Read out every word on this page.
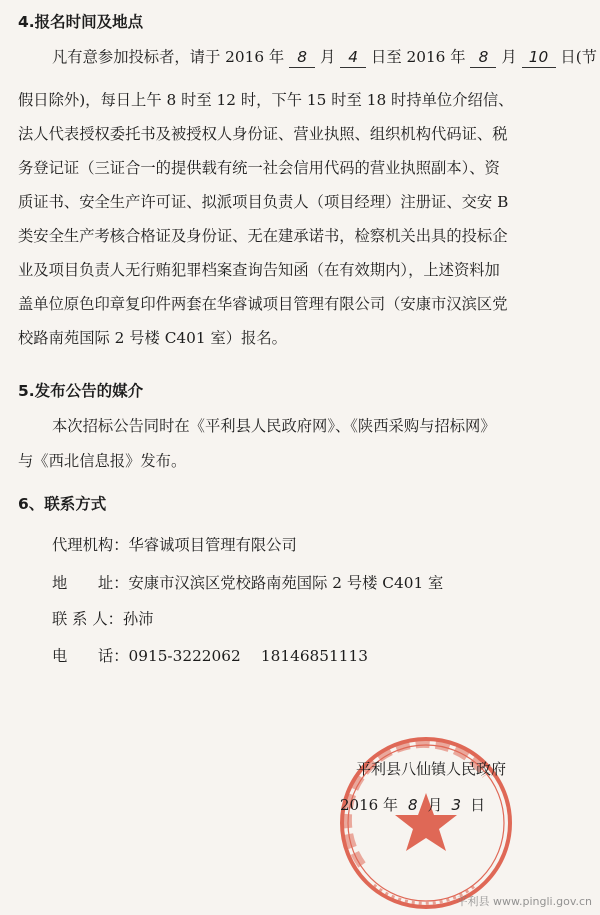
4.报名时间及地点
凡有意参加投标者，请于 2016 年 8 月 4 日至 2016 年 8 月 10 日(节
假日除外)，每日上午 8 时至 12 时，下午 15 时至 18 时持单位介绍信、
法人代表授权委托书及被授权人身份证、营业执照、组织机构代码证、税
务登记证（三证合一的提供载有统一社会信用代码的营业执照副本）、资
质证书、安全生产许可证、拟派项目负责人（项目经理）注册证、交安 B
类安全生产考核合格证及身份证、无在建承诺书，检察机关出具的投标企
业及项目负责人无行贿犯罪档案查询告知函（在有效期内），上述资料加
盖单位原色印章复印件两套在华睿诚项目管理有限公司（安康市汉滨区党
校路南苑国际 2 号楼 C401 室）报名。
5.发布公告的媒介
本次招标公告同时在《平利县人民政府网》、《陕西采购与招标网》
与《西北信息报》发布。
6、联系方式
代理机构：华睿诚项目管理有限公司
地　　址：安康市汉滨区党校路南苑国际 2 号楼 C401 室
联 系 人：孙沛
电　　话：0915-3222062　 18146851113
平利县八仙镇人民政府
2016 年 8 月 3 日
平利县 www.pingli.gov.cn
